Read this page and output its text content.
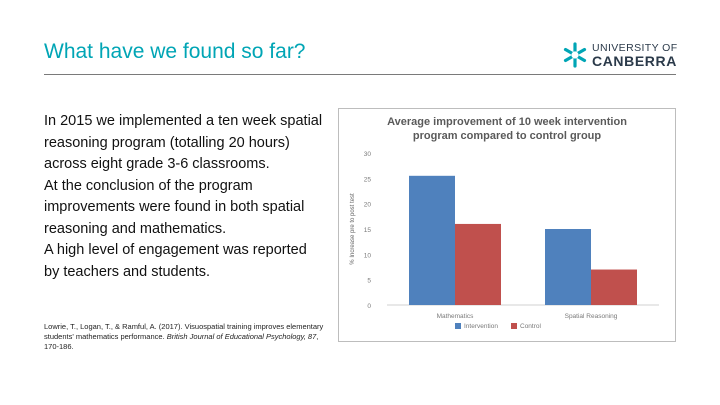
What have we found so far?	UNIVERSITY OF
CANBERRA

In 2015 we implemented a ten week spatial reasoning program (totalling 20 hours) across eight grade 3-6 classrooms.

At the conclusion of the program improvements were found in both spatial reasoning and mathematics.

A high level of engagement was reported by teachers and students.

Lowrie, T., Logan, T., & Ramful, A. (2017). Visuospatial training improves elementary students' mathematics performance. British Journal of Educational Psychology, 87, 170-186.
Average improvement of 10 week intervention
program compared to control group
0
5
10
15
20
25
30
% Increase pre to post test
Mathematics	Spatial Reasoning
Intervention	Control
